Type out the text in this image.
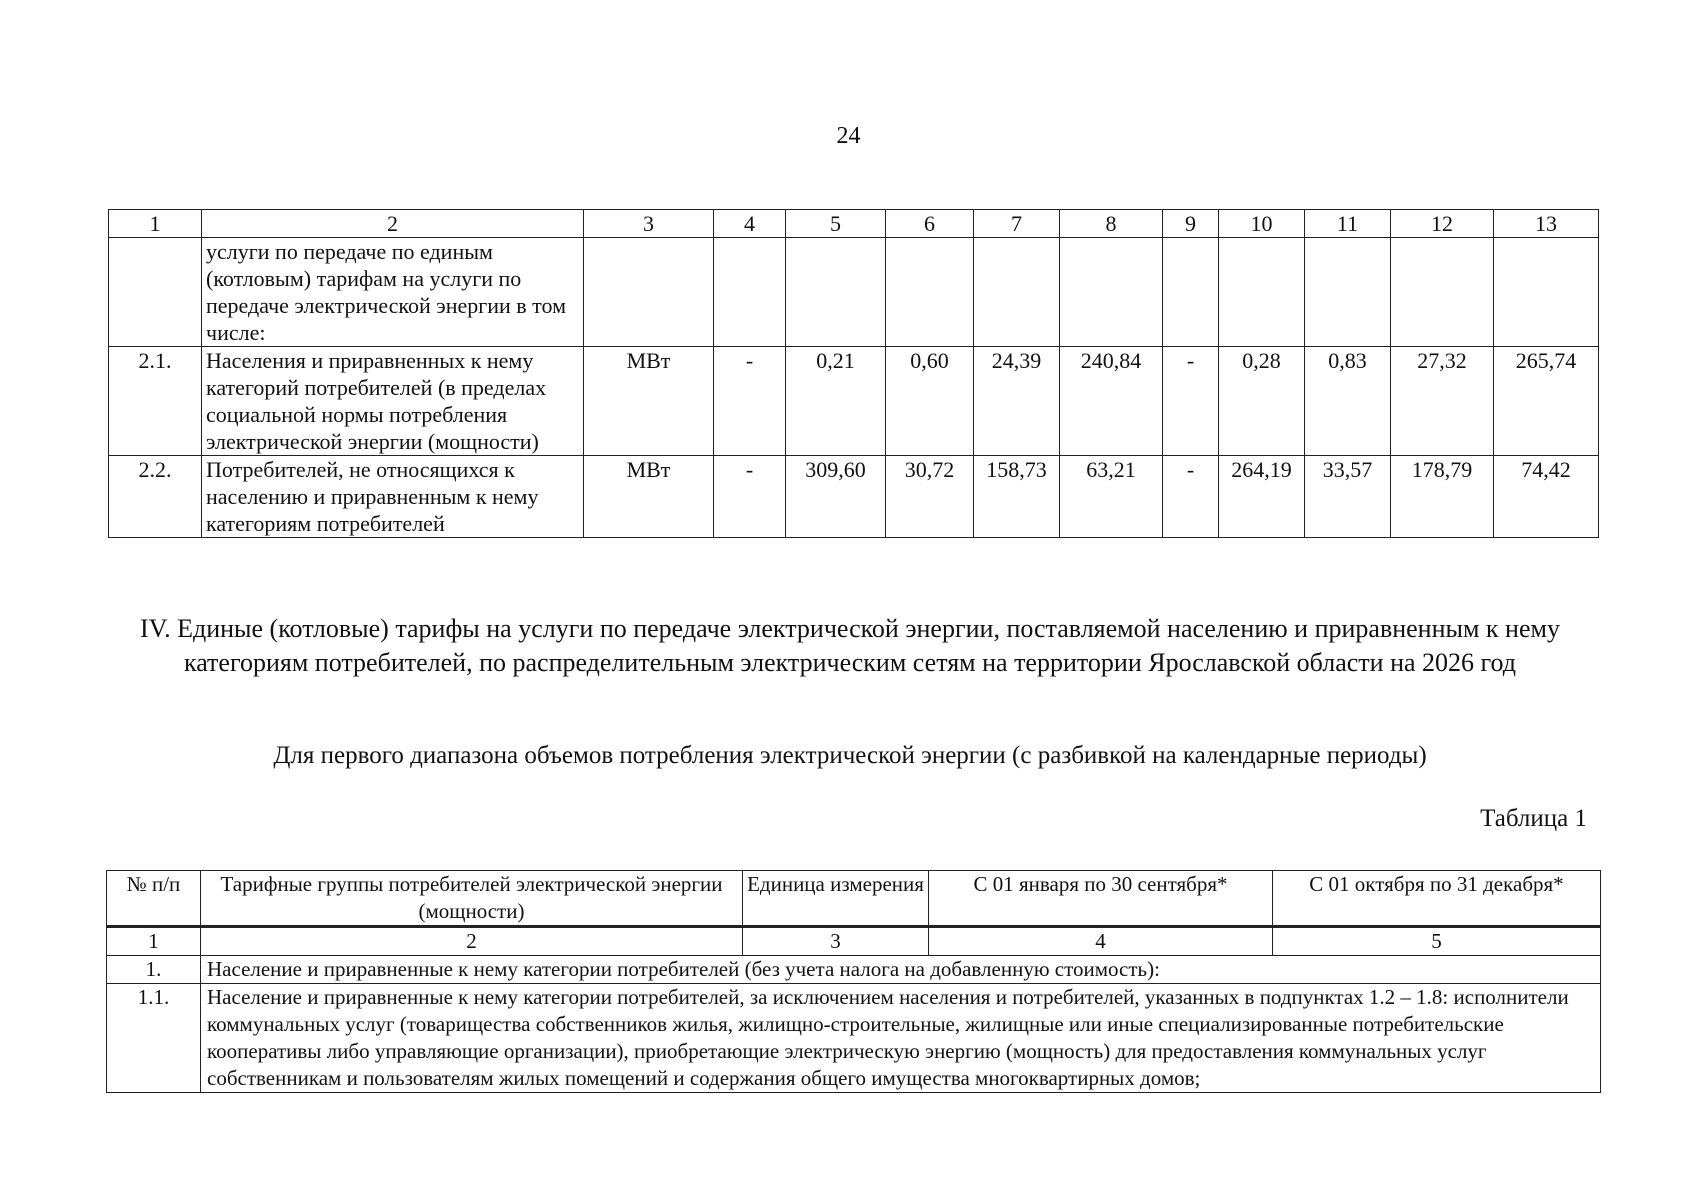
24
1	2	3	4	5	6	7	8	9	10	11	12	13
	услуги по передаче по единым (котловым) тарифам на услуги по передаче электрической энергии в том числе:											
2.1.	Населения и приравненных к нему категорий потребителей (в пределах социальной нормы потребления электрической энергии (мощности)	МВт	-	0,21	0,60	24,39	240,84	-	0,28	0,83	27,32	265,74
2.2.	Потребителей, не относящихся к населению и приравненным к нему категориям потребителей	МВт	-	309,60	30,72	158,73	63,21	-	264,19	33,57	178,79	74,42
IV. Единые (котловые) тарифы на услуги по передаче электрической энергии, поставляемой населению и приравненным к нему категориям потребителей, по распределительным электрическим сетям на территории Ярославской области на 2026 год
Для первого диапазона объемов потребления электрической энергии (с разбивкой на календарные периоды)
Таблица 1
№ п/п	Тарифные группы потребителей электрической энергии (мощности)	Единица измерения	С 01 января по 30 сентября*	С 01 октября по 31 декабря*
1	2	3	4	5
1.	Население и приравненные к нему категории потребителей (без учета налога на добавленную стоимость):			
1.1.	Население и приравненные к нему категории потребителей, за исключением населения и потребителей, указанных в подпунктах 1.2 – 1.8: исполнители коммунальных услуг (товарищества собственников жилья, жилищно-строительные, жилищные или иные специализированные потребительские кооперативы либо управляющие организации), приобретающие электрическую энергию (мощность) для предоставления коммунальных услуг собственникам и пользователям жилых помещений и содержания общего имущества многоквартирных домов;			
